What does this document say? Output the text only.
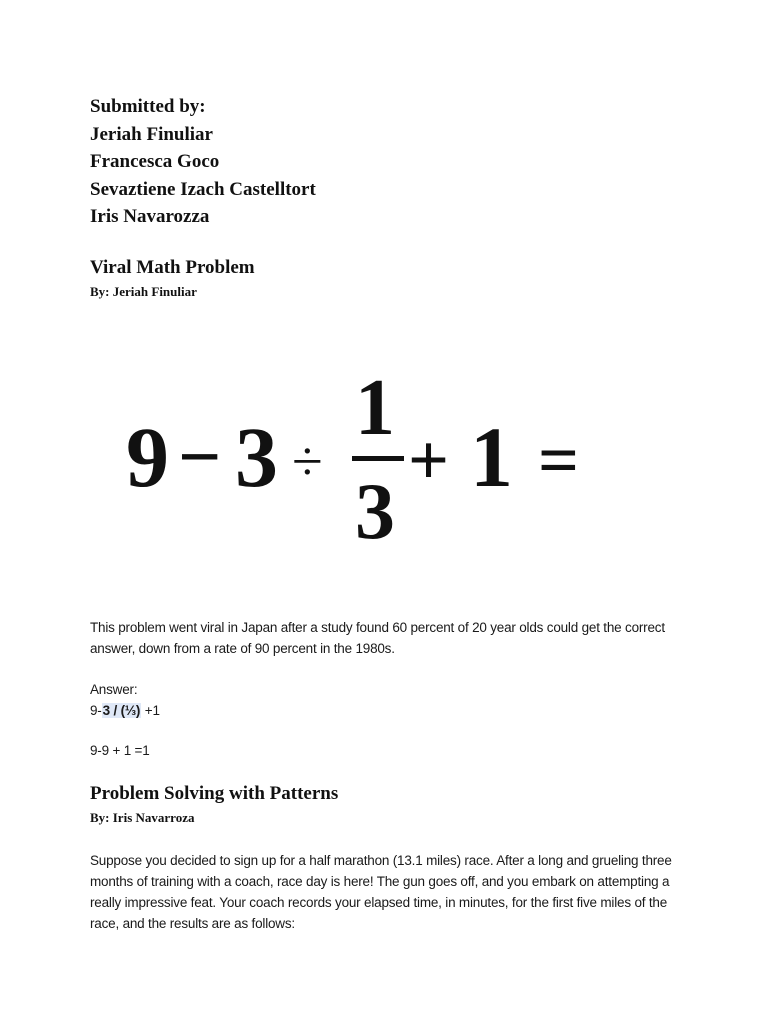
Submitted by:
Jeriah Finuliar
Francesca Goco
Sevaztiene Izach Castelltort
Iris Navarozza
Viral Math Problem
By: Jeriah Finuliar
9 − 3 ÷
1
3
+ 1 =
This problem went viral in Japan after a study found 60 percent of 20 year olds could get the correct answer, down from a rate of 90 percent in the 1980s.
Answer:
9-3 / (⅓) +1
9-9 + 1 =1
Problem Solving with Patterns
By: Iris Navarroza
Suppose you decided to sign up for a half marathon (13.1 miles) race. After a long and grueling three months of training with a coach, race day is here! The gun goes off, and you embark on attempting a really impressive feat. Your coach records your elapsed time, in minutes, for the first five miles of the race, and the results are as follows:
